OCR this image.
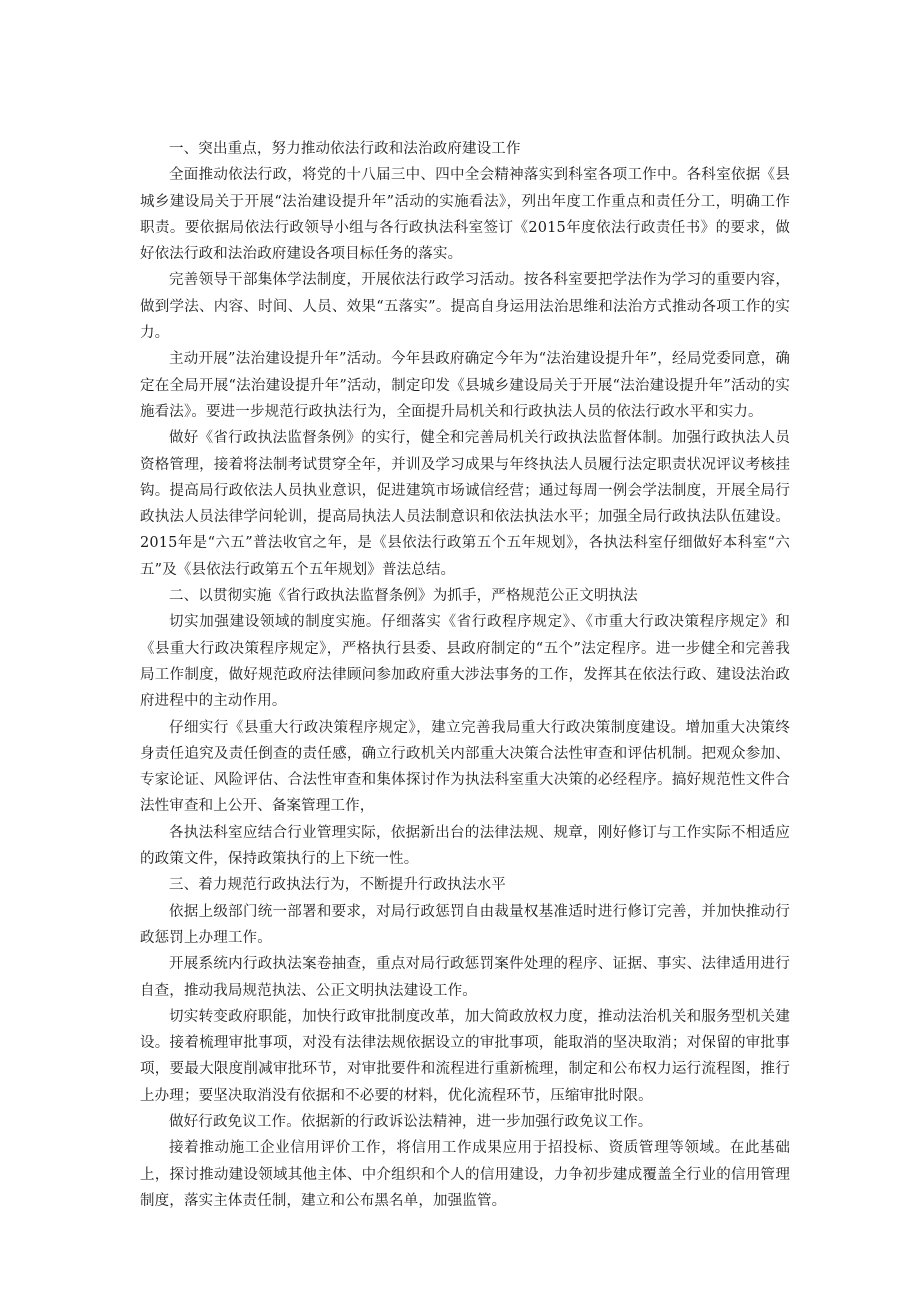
一、突出重点，努力推动依法行政和法治政府建设工作

全面推动依法行政，将党的十八届三中、四中全会精神落实到科室各项工作中。各科室依据《县城乡建设局关于开展“法治建设提升年”活动的实施看法》，列出年度工作重点和责任分工，明确工作职责。要依据局依法行政领导小组与各行政执法科室签订《2015年度依法行政责任书》的要求，做好依法行政和法治政府建设各项目标任务的落实。

完善领导干部集体学法制度，开展依法行政学习活动。按各科室要把学法作为学习的重要内容，做到学法、内容、时间、人员、效果“五落实”。提高自身运用法治思维和法治方式推动各项工作的实力。

主动开展”法治建设提升年”活动。今年县政府确定今年为“法治建设提升年”，经局党委同意，确定在全局开展“法治建设提升年”活动，制定印发《县城乡建设局关于开展“法治建设提升年”活动的实施看法》。要进一步规范行政执法行为，全面提升局机关和行政执法人员的依法行政水平和实力。

做好《省行政执法监督条例》的实行，健全和完善局机关行政执法监督体制。加强行政执法人员资格管理，接着将法制考试贯穿全年，并训及学习成果与年终执法人员履行法定职责状况评议考核挂钩。提高局行政依法人员执业意识，促进建筑市场诚信经营；通过每周一例会学法制度，开展全局行政执法人员法律学问轮训，提高局执法人员法制意识和依法执法水平；加强全局行政执法队伍建设。2015年是“六五”普法收官之年，是《县依法行政第五个五年规划》，各执法科室仔细做好本科室“六五”及《县依法行政第五个五年规划》普法总结。

二、以贯彻实施《省行政执法监督条例》为抓手，严格规范公正文明执法

切实加强建设领域的制度实施。仔细落实《省行政程序规定》、《市重大行政决策程序规定》和《县重大行政决策程序规定》，严格执行县委、县政府制定的“五个”法定程序。进一步健全和完善我局工作制度，做好规范政府法律顾问参加政府重大涉法事务的工作，发挥其在依法行政、建设法治政府进程中的主动作用。

仔细实行《县重大行政决策程序规定》，建立完善我局重大行政决策制度建设。增加重大决策终身责任追究及责任倒查的责任感，确立行政机关内部重大决策合法性审查和评估机制。把观众参加、专家论证、风险评估、合法性审查和集体探讨作为执法科室重大决策的必经程序。搞好规范性文件合法性审查和上公开、备案管理工作，

各执法科室应结合行业管理实际，依据新出台的法律法规、规章，刚好修订与工作实际不相适应的政策文件，保持政策执行的上下统一性。

三、着力规范行政执法行为，不断提升行政执法水平

依据上级部门统一部署和要求，对局行政惩罚自由裁量权基准适时进行修订完善，并加快推动行政惩罚上办理工作。

开展系统内行政执法案卷抽查，重点对局行政惩罚案件处理的程序、证据、事实、法律适用进行自查，推动我局规范执法、公正文明执法建设工作。

切实转变政府职能，加快行政审批制度改革，加大简政放权力度，推动法治机关和服务型机关建设。接着梳理审批事项，对没有法律法规依据设立的审批事项，能取消的坚决取消；对保留的审批事项，要最大限度削减审批环节，对审批要件和流程进行重新梳理，制定和公布权力运行流程图，推行上办理；要坚决取消没有依据和不必要的材料，优化流程环节，压缩审批时限。

做好行政免议工作。依据新的行政诉讼法精神，进一步加强行政免议工作。

接着推动施工企业信用评价工作，将信用工作成果应用于招投标、资质管理等领域。在此基础上，探讨推动建设领域其他主体、中介组织和个人的信用建设，力争初步建成覆盖全行业的信用管理制度，落实主体责任制，建立和公布黑名单，加强监管。
